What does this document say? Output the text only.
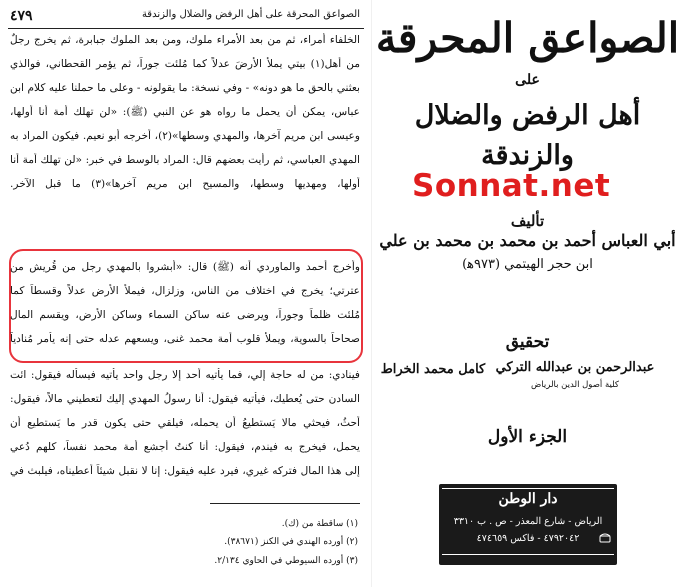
٤٧٩	الصواعق المحرقة على أهل الرفض والضلال والزندقة
الخلفاء أمراء، ثم من بعد الأمراء ملوك، ومن بعد الملوك جبابرة، ثم يخرج رجلٌ
من أهل(١) بيتي يملأ الأرضَ عدلاً كما مُلئت جوراً، ثم يؤمر القحطاني، فوالذي
بعثني بالحق ما هو دونه» - وفي نسخة: ما يقولونه - وعلى ما حملنا عليه كلام ابن
عباس، يمكن أن يحمل ما رواه هو عن النبي (ﷺ): «لن تهلك أمة أنا أولها،
وعيسى ابن مريم آخرها، والمهدي وسطها»(٢)، أخرجه أبو نعيم. فيكون المراد به
المهدي العباسي، ثم رأيت بعضهم قال: المراد بالوسط في خبر: «لن تهلك أمة أنا
أولها، ومهديها وسطها، والمسيح ابن مريم آخرها»(٣) ما قبل الآخر.
وأخرج أحمد والماوردي أنه (ﷺ) قال: «أبشروا بالمهدي رجل من قُريش من
عترتي؛ يخرج في اختلاف من الناس، وزلزال، فيملأ الأرض عدلاً وقسطاً كما
مُلئت ظلماً وجوراً، ويرضى عنه ساكن السماء وساكن الأرض، ويقسم المال
صحاحاً بالسوية، ويملأ قلوب أمة محمد غنى، ويسعهم عدله حتى إنه يأمر مُنادياً
فينادي: من له حاجة إلي، فما يأتيه أحد إلا رجل واحد يأتيه فيسأله فيقول: ائت
السادن حتى يُعطيك، فيأتيه فيقول: أنا رسولُ المهدي إليك لتعطيني مالاً، فيقول:
أحثُ، فيحثي مالا يَستطيعُ أن يحمله، فيلقي حتى يكون قدر ما يَستطيع أن
يحمل، فيخرج به فيندم، فيقول: أنا كنتُ أجشع أمة محمد نفساً، كلهم دُعي
إلى هذا المال فتركه غيري، فيرد عليه فيقول: إنا لا نقبل شيئاً أعطيناه، فيلبث في
(١) ساقطة من (ك).
(٢) أورده الهندي في الكنز (٣٨٦٧١).
(٣) أورده السيوطي في الحاوي ٢/١٣٤.
الصواعق المحرقة
على
أهل الرفض والضلال والزندقة
Sonnat.net
تأليف
أبي العباس أحمد بن محمد بن محمد بن علي
ابن حجر الهيتمي (٩٧٣ﻫ)
تحقيق
عبدالرحمن بن عبدالله التركي
كلية أصول الدين بالرياض
كامل محمد الخراط
الجزء الأول
دار الوطن
الرياض - شارع المعذر - ص . ب ٣٣١٠
٤٧٩٢٠٤٢ - فاكس ٤٧٤٦٥٩
